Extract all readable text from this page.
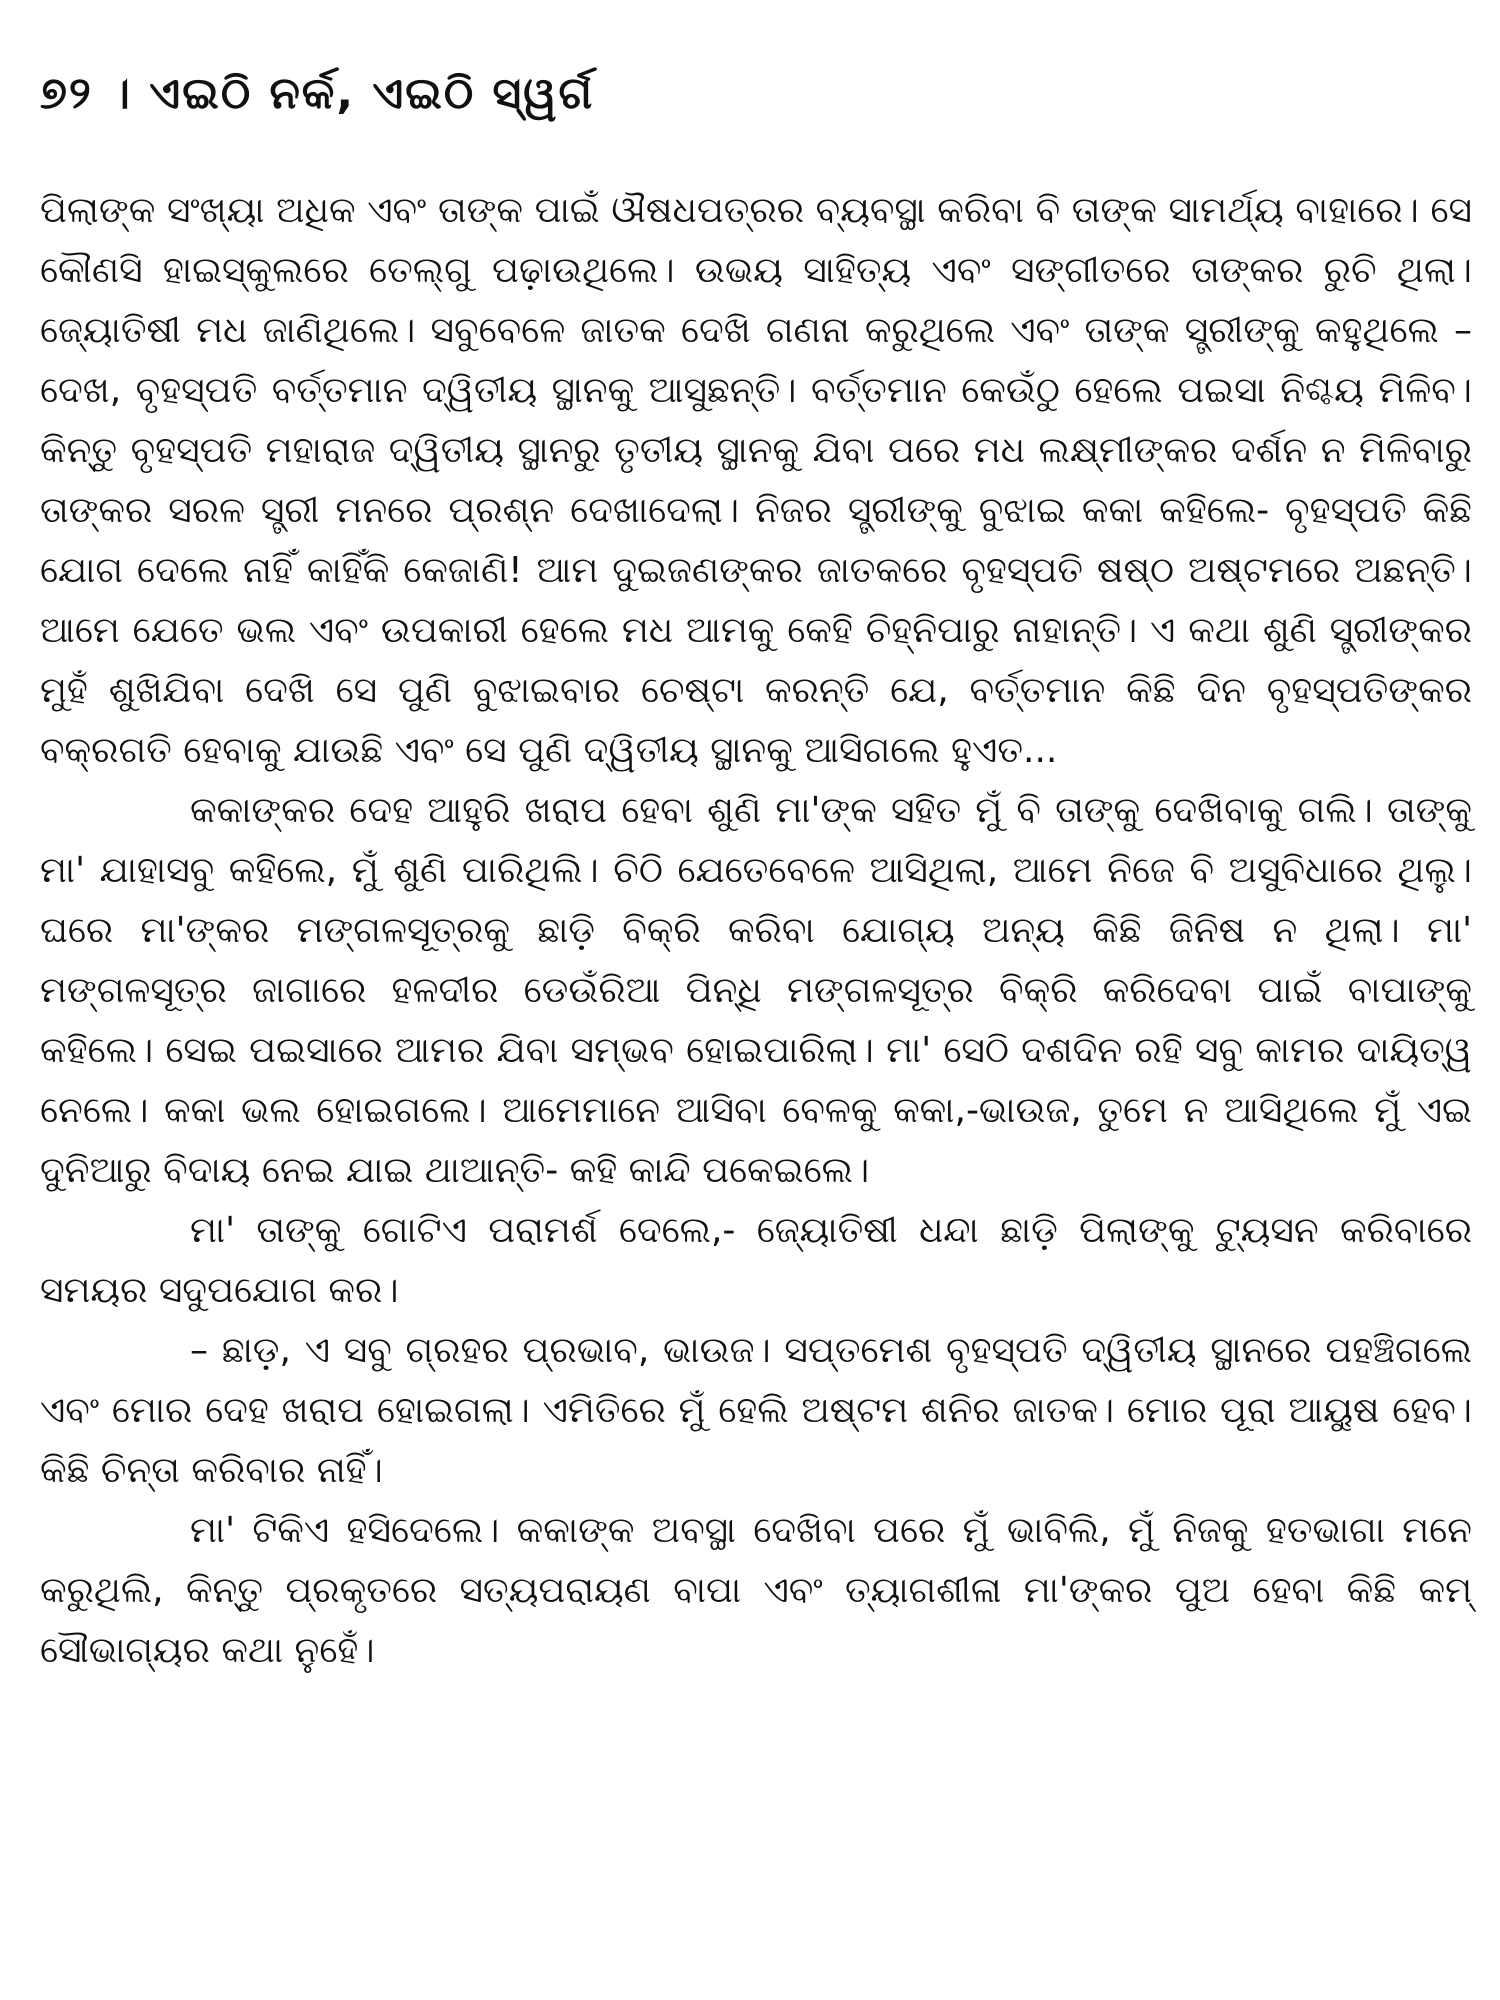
୭୨ । ଏଇଠି ନର୍କ, ଏଇଠି ସ୍ୱର୍ଗ

ପିଲାଙ୍କ ସଂଖ୍ୟା ଅଧିକ ଏବଂ ତାଙ୍କ ପାଇଁ ଔଷଧପତ୍ରର ବ୍ୟବସ୍ଥା କରିବା ବି ତାଙ୍କ ସାମର୍ଥ୍ୟ ବାହାରେ। ସେ କୌଣସି ହାଇସ୍କୁଲରେ ତେଲ୍‌ଗୁ ପଢ଼ାଉଥିଲେ। ଉଭୟ ସାହିତ୍ୟ ଏବଂ ସଙ୍ଗୀତରେ ତାଙ୍କର ରୁଚି ଥିଲା। ଜ୍ୟୋତିଷୀ ମଧ ଜାଣିଥିଲେ। ସବୁବେଳେ ଜାତକ ଦେଖି ଗଣନା କରୁଥିଲେ ଏବଂ ତାଙ୍କ ସ୍ତ୍ରୀଙ୍କୁ କହୁଥିଲେ – ଦେଖ, ବୃହସ୍ପତି ବର୍ତ୍ତମାନ ଦ୍ୱିତୀୟ ସ୍ଥାନକୁ ଆସୁଛନ୍ତି। ବର୍ତ୍ତମାନ କେଉଁଠୁ ହେଲେ ପଇସା ନିଶ୍ଚୟ ମିଳିବ। କିନ୍ତୁ ବୃହସ୍ପତି ମହାରାଜ ଦ୍ୱିତୀୟ ସ୍ଥାନରୁ ତୃତୀୟ ସ୍ଥାନକୁ ଯିବା ପରେ ମଧ ଲକ୍ଷ୍ମୀଙ୍କର ଦର୍ଶନ ନ ମିଳିବାରୁ ତାଙ୍କର ସରଳ ସ୍ତ୍ରୀ ମନରେ ପ୍ରଶ୍ନ ଦେଖାଦେଲା। ନିଜର ସ୍ତ୍ରୀଙ୍କୁ ବୁଝାଇ କକା କହିଲେ- ବୃହସ୍ପତି କିଛି ଯୋଗ ଦେଲେ ନାହିଁ କାହିଁକି କେଜାଣି! ଆମ ଦୁଇଜଣଙ୍କର ଜାତକରେ ବୃହସ୍ପତି ଷଷ୍ଠ ଅଷ୍ଟମରେ ଅଛନ୍ତି। ଆମେ ଯେତେ ଭଲ ଏବଂ ଉପକାରୀ ହେଲେ ମଧ ଆମକୁ କେହି ଚିହ୍ନିପାରୁ ନାହାନ୍ତି। ଏ କଥା ଶୁଣି ସ୍ତ୍ରୀଙ୍କର ମୁହଁ ଶୁଖିଯିବା ଦେଖି ସେ ପୁଣି ବୁଝାଇବାର ଚେଷ୍ଟା କରନ୍ତି ଯେ, ବର୍ତ୍ତମାନ କିଛି ଦିନ ବୃହସ୍ପତିଙ୍କର ବକ୍ରଗତି ହେବାକୁ ଯାଉଛି ଏବଂ ସେ ପୁଣି ଦ୍ୱିତୀୟ ସ୍ଥାନକୁ ଆସିଗଲେ ହୁଏତ...

କକାଙ୍କର ଦେହ ଆହୁରି ଖରାପ ହେବା ଶୁଣି ମା'ଙ୍କ ସହିତ ମୁଁ ବି ତାଙ୍କୁ ଦେଖିବାକୁ ଗଲି। ତାଙ୍କୁ ମା' ଯାହାସବୁ କହିଲେ, ମୁଁ ଶୁଣି ପାରିଥିଲି। ଚିଠି ଯେତେବେଳେ ଆସିଥିଲା, ଆମେ ନିଜେ ବି ଅସୁବିଧାରେ ଥିଲୁ। ଘରେ ମା'ଙ୍କର ମଙ୍ଗଳସୂତ୍ରକୁ ଛାଡ଼ି ବିକ୍ରି କରିବା ଯୋଗ୍ୟ ଅନ୍ୟ କିଛି ଜିନିଷ ନ ଥିଲା। ମା' ମଙ୍ଗଳସୂତ୍ର ଜାଗାରେ ହଳଦୀର ଡେଉଁରିଆ ପିନ୍ଧି ମଙ୍ଗଳସୂତ୍ର ବିକ୍ରି କରିଦେବା ପାଇଁ ବାପାଙ୍କୁ କହିଲେ। ସେଇ ପଇସାରେ ଆମର ଯିବା ସମ୍ଭବ ହୋଇପାରିଲା। ମା' ସେଠି ଦଶଦିନ ରହି ସବୁ କାମର ଦାୟିତ୍ୱ ନେଲେ। କକା ଭଲ ହୋଇଗଲେ। ଆମେମାନେ ଆସିବା ବେଳକୁ କକା,-ଭାଉଜ, ତୁମେ ନ ଆସିଥିଲେ ମୁଁ ଏଇ ଦୁନିଆରୁ ବିଦାୟ ନେଇ ଯାଇ ଥାଆନ୍ତି- କହି କାନ୍ଦି ପକେଇଲେ।

ମା' ତାଙ୍କୁ ଗୋଟିଏ ପରାମର୍ଶ ଦେଲେ,- ଜ୍ୟୋତିଷୀ ଧନ୍ଦା ଛାଡ଼ି ପିଲାଙ୍କୁ ଟ୍ୟୁସନ କରିବାରେ ସମୟର ସଦୁପଯୋଗ କର।

– ଛାଡ଼, ଏ ସବୁ ଗ୍ରହର ପ୍ରଭାବ, ଭାଉଜ। ସପ୍ତମେଶ ବୃହସ୍ପତି ଦ୍ୱିତୀୟ ସ୍ଥାନରେ ପହଞ୍ଚିଗଲେ ଏବଂ ମୋର ଦେହ ଖରାପ ହୋଇଗଲା। ଏମିତିରେ ମୁଁ ହେଲି ଅଷ୍ଟମ ଶନିର ଜାତକ। ମୋର ପୂରା ଆୟୁଷ ହେବ। କିଛି ଚିନ୍ତା କରିବାର ନାହିଁ।

ମା' ଟିକିଏ ହସିଦେଲେ। କକାଙ୍କ ଅବସ୍ଥା ଦେଖିବା ପରେ ମୁଁ ଭାବିଲି, ମୁଁ ନିଜକୁ ହତଭାଗା ମନେ କରୁଥିଲି, କିନ୍ତୁ ପ୍ରକୃତରେ ସତ୍ୟପରାୟଣ ବାପା ଏବଂ ତ୍ୟାଗଶୀଳା ମା'ଙ୍କର ପୁଅ ହେବା କିଛି କମ୍ ସୌଭାଗ୍ୟର କଥା ନୁହେଁ।
